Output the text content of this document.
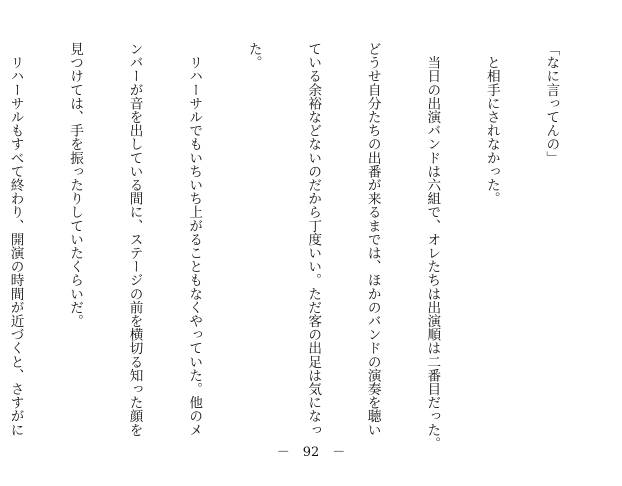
「なに言ってんの」

　と相手にされなかった。

　当日の出演バンドは六組で、オレたちは出演順は二番目だった。

どうせ自分たちの出番が来るまでは、ほかのバンドの演奏を聴い

ている余裕などないのだから丁度いい。ただ客の出足は気になっ

た。

　リハーサルでもいちいち上がることもなくやっていた。他のメ

ンバーが音を出している間に、ステージの前を横切る知った顔を

見つけては、手を振ったりしていたくらいだ。

　リハーサルもすべて終わり、開演の時間が近づくと、さすがに

－　92　－
